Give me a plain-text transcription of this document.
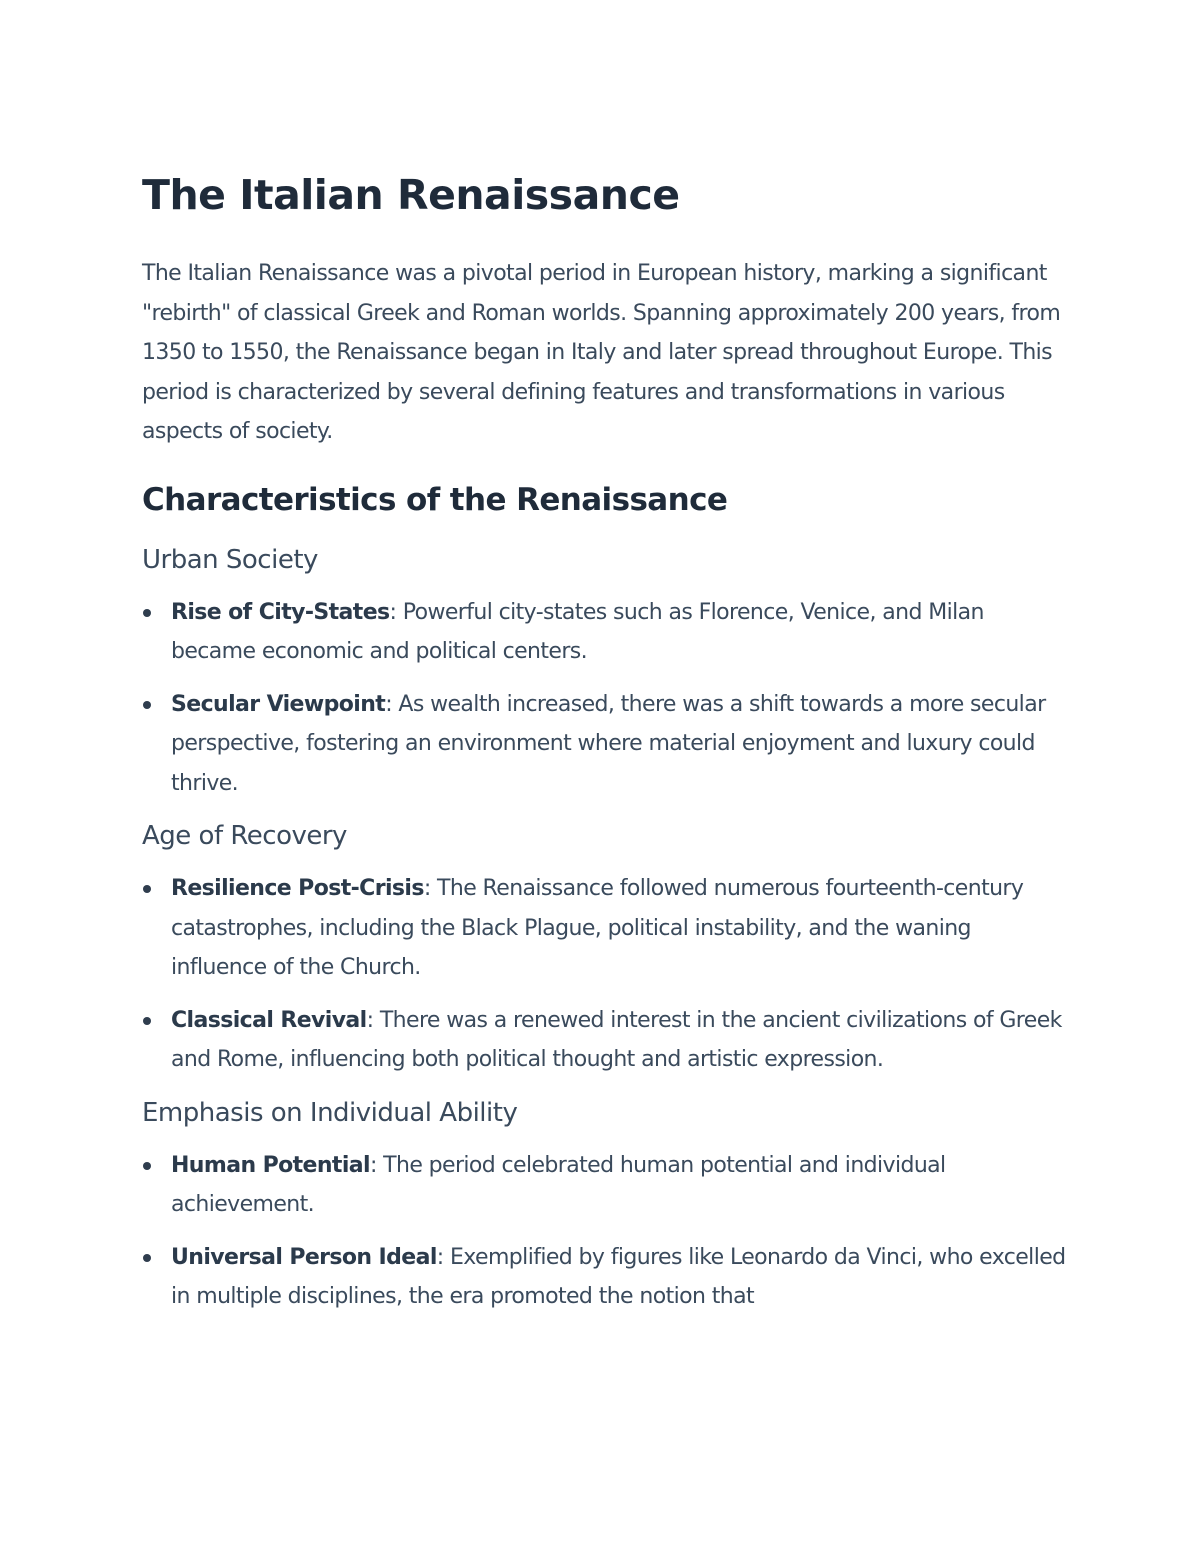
The Italian Renaissance

The Italian Renaissance was a pivotal period in European history, marking a significant "rebirth" of classical Greek and Roman worlds. Spanning approximately 200 years, from 1350 to 1550, the Renaissance began in Italy and later spread throughout Europe. This period is characterized by several defining features and transformations in various aspects of society.

Characteristics of the Renaissance
Urban Society
Rise of City-States: Powerful city-states such as Florence, Venice, and Milan became economic and political centers.
Secular Viewpoint: As wealth increased, there was a shift towards a more secular perspective, fostering an environment where material enjoyment and luxury could thrive.
Age of Recovery
Resilience Post-Crisis: The Renaissance followed numerous fourteenth-century catastrophes, including the Black Plague, political instability, and the waning influence of the Church.
Classical Revival: There was a renewed interest in the ancient civilizations of Greek and Rome, influencing both political thought and artistic expression.
Emphasis on Individual Ability
Human Potential: The period celebrated human potential and individual achievement.
Universal Person Ideal: Exemplified by figures like Leonardo da Vinci, who excelled in multiple disciplines, the era promoted the notion that
